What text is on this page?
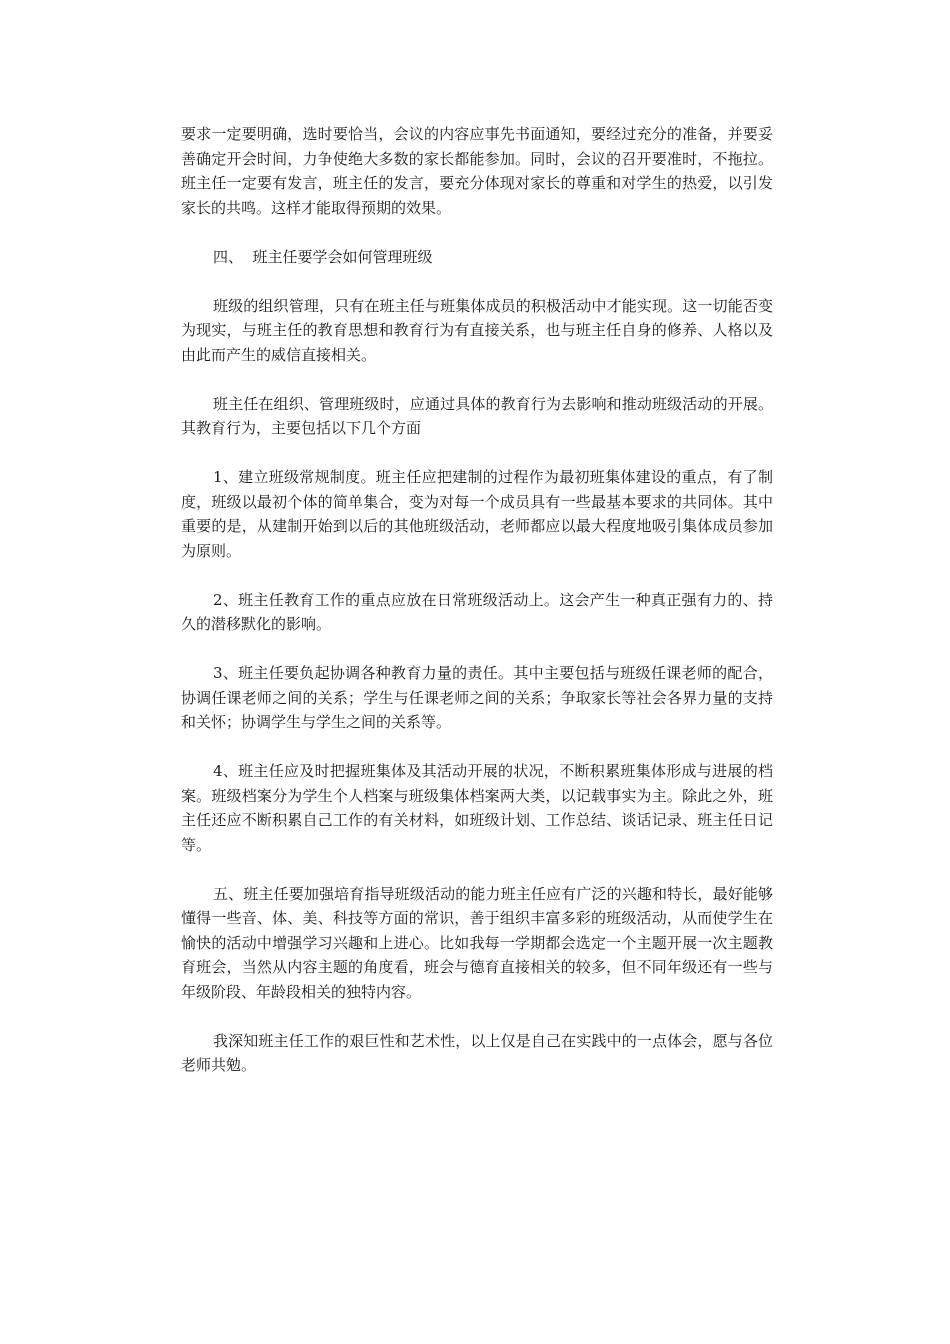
要求一定要明确，选时要恰当，会议的内容应事先书面通知，要经过充分的准备，并要妥善确定开会时间，力争使绝大多数的家长都能参加。同时，会议的召开要准时，不拖拉。班主任一定要有发言，班主任的发言，要充分体现对家长的尊重和对学生的热爱，以引发家长的共鸣。这样才能取得预期的效果。

四、  班主任要学会如何管理班级

班级的组织管理，只有在班主任与班集体成员的积极活动中才能实现。这一切能否变为现实，与班主任的教育思想和教育行为有直接关系，也与班主任自身的修养、人格以及由此而产生的威信直接相关。

班主任在组织、管理班级时，应通过具体的教育行为去影响和推动班级活动的开展。其教育行为，主要包括以下几个方面

1、建立班级常规制度。班主任应把建制的过程作为最初班集体建设的重点，有了制度，班级以最初个体的简单集合，变为对每一个成员具有一些最基本要求的共同体。其中重要的是，从建制开始到以后的其他班级活动，老师都应以最大程度地吸引集体成员参加为原则。

2、班主任教育工作的重点应放在日常班级活动上。这会产生一种真正强有力的、持久的潜移默化的影响。

3、班主任要负起协调各种教育力量的责任。其中主要包括与班级任课老师的配合，协调任课老师之间的关系；学生与任课老师之间的关系；争取家长等社会各界力量的支持和关怀；协调学生与学生之间的关系等。

4、班主任应及时把握班集体及其活动开展的状况，不断积累班集体形成与进展的档案。班级档案分为学生个人档案与班级集体档案两大类，以记载事实为主。除此之外，班主任还应不断积累自己工作的有关材料，如班级计划、工作总结、谈话记录、班主任日记等。

五、班主任要加强培育指导班级活动的能力班主任应有广泛的兴趣和特长，最好能够懂得一些音、体、美、科技等方面的常识，善于组织丰富多彩的班级活动，从而使学生在愉快的活动中增强学习兴趣和上进心。比如我每一学期都会选定一个主题开展一次主题教育班会，当然从内容主题的角度看，班会与德育直接相关的较多，但不同年级还有一些与年级阶段、年龄段相关的独特内容。

我深知班主任工作的艰巨性和艺术性，以上仅是自己在实践中的一点体会，愿与各位老师共勉。
